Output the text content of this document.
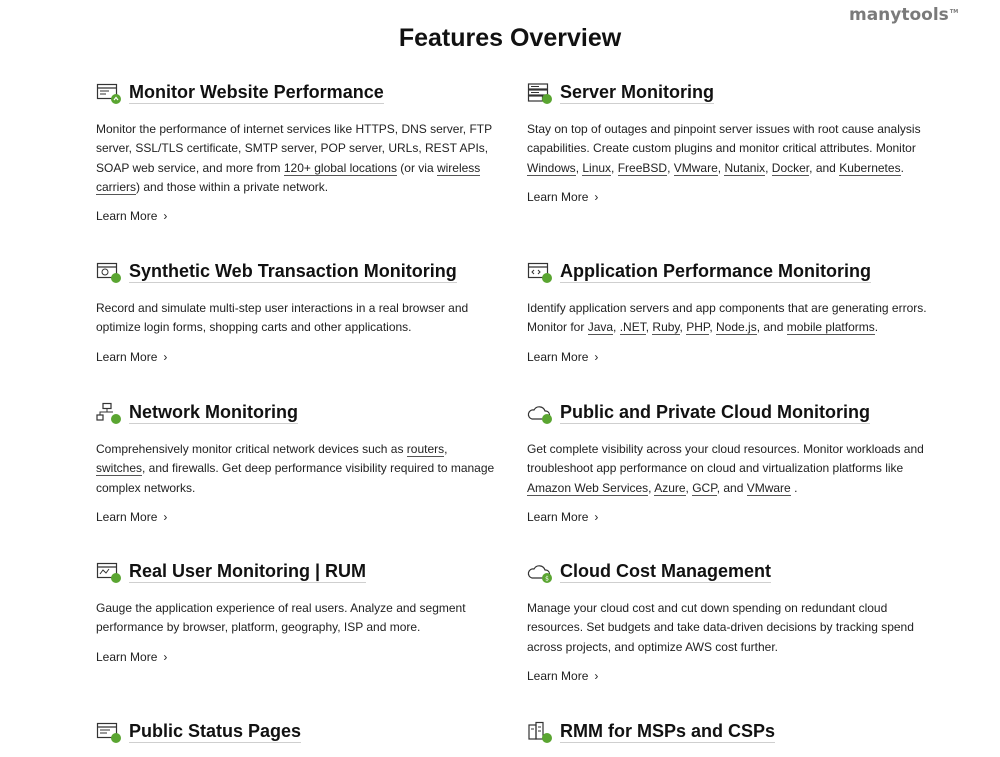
manytools™
Features Overview
Monitor Website Performance

Monitor the performance of internet services like HTTPS, DNS server, FTP server, SSL/TLS certificate, SMTP server, POP server, URLs, REST APIs, SOAP web service, and more from 120+ global locations (or via wireless carriers) and those within a private network.

Learn More ›
Server Monitoring

Stay on top of outages and pinpoint server issues with root cause analysis capabilities. Create custom plugins and monitor critical attributes. Monitor Windows, Linux, FreeBSD, VMware, Nutanix, Docker, and Kubernetes.

Learn More ›
Synthetic Web Transaction Monitoring

Record and simulate multi-step user interactions in a real browser and optimize login forms, shopping carts and other applications.

Learn More ›
Application Performance Monitoring

Identify application servers and app components that are generating errors. Monitor for Java, .NET, Ruby, PHP, Node.js, and mobile platforms.

Learn More ›
Network Monitoring

Comprehensively monitor critical network devices such as routers, switches, and firewalls. Get deep performance visibility required to manage complex networks.

Learn More ›
Public and Private Cloud Monitoring

Get complete visibility across your cloud resources. Monitor workloads and troubleshoot app performance on cloud and virtualization platforms like Amazon Web Services, Azure, GCP, and VMware .

Learn More ›
Real User Monitoring | RUM

Gauge the application experience of real users. Analyze and segment performance by browser, platform, geography, ISP and more.

Learn More ›
$ Cloud Cost Management

Manage your cloud cost and cut down spending on redundant cloud resources. Set budgets and take data-driven decisions by tracking spend across projects, and optimize AWS cost further.

Learn More ›
Public Status Pages	RMM for MSPs and CSPs
